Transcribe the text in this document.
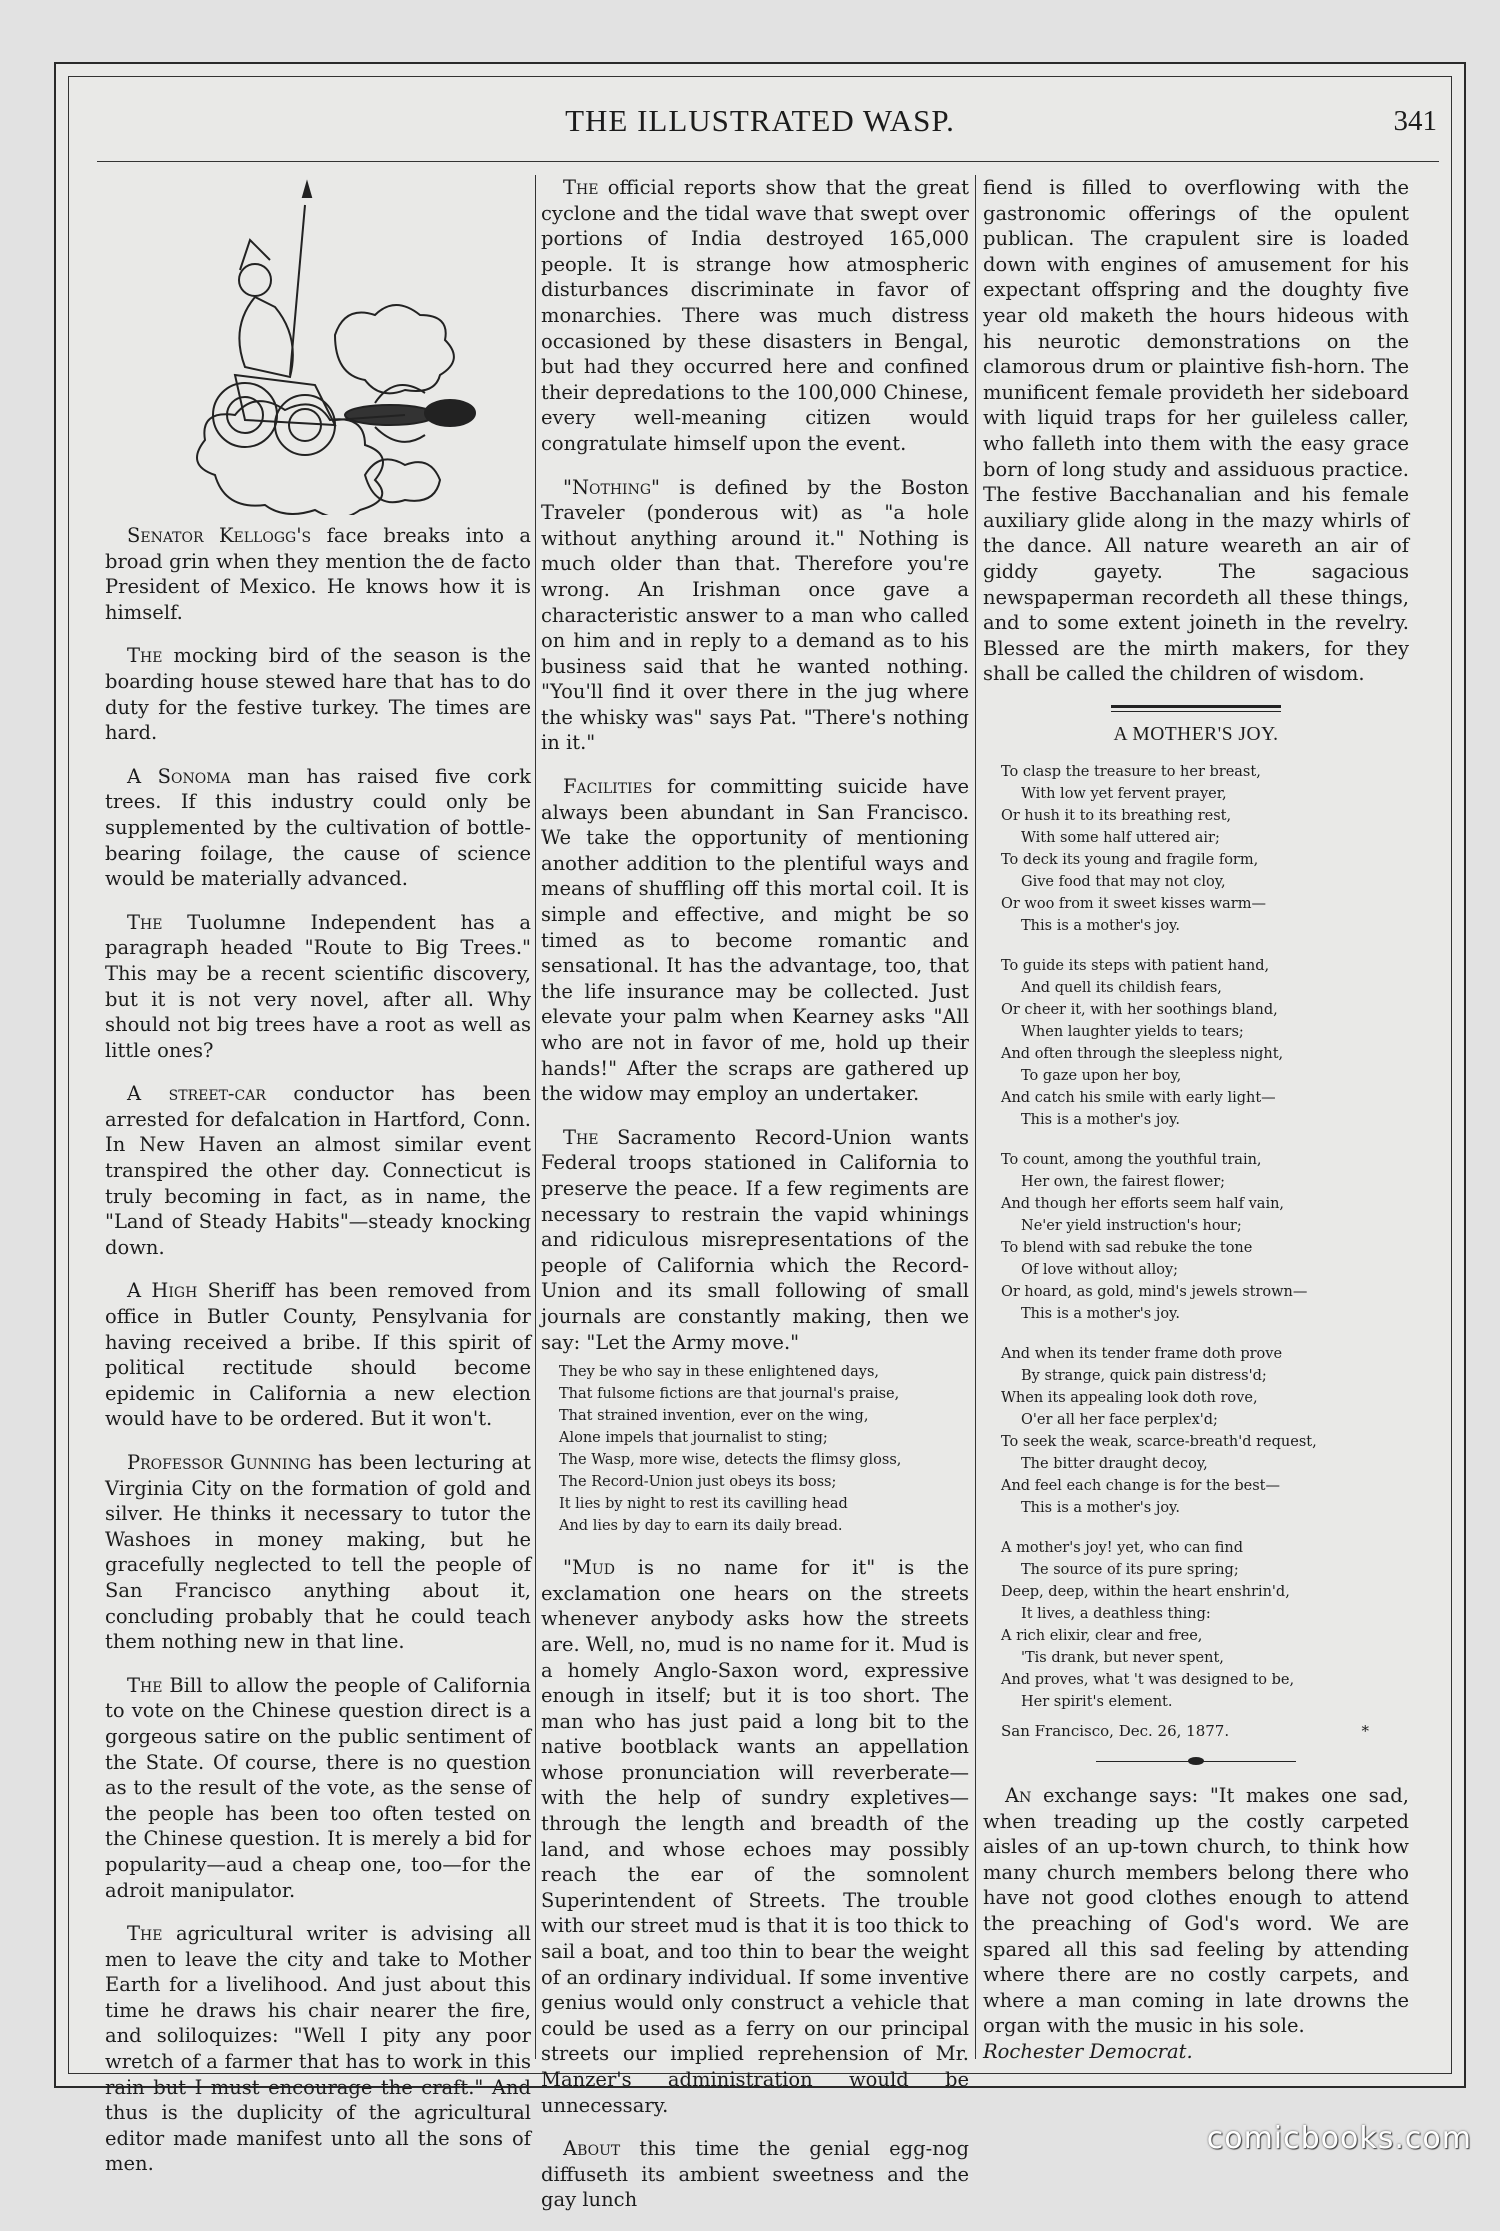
THE ILLUSTRATED WASP.	341

Senator Kellogg's face breaks into a broad grin when they mention the de facto President of Mexico. He knows how it is himself.

The mocking bird of the season is the boarding house stewed hare that has to do duty for the festive turkey. The times are hard.

A Sonoma man has raised five cork trees. If this industry could only be supplemented by the cultivation of bottle-bearing foilage, the cause of science would be materially advanced.

The Tuolumne Independent has a paragraph headed "Route to Big Trees." This may be a recent scientific discovery, but it is not very novel, after all. Why should not big trees have a root as well as little ones?

A street-car conductor has been arrested for defalcation in Hartford, Conn. In New Haven an almost similar event transpired the other day. Connecticut is truly becoming in fact, as in name, the "Land of Steady Habits"—steady knocking down.

A High Sheriff has been removed from office in Butler County, Pensylvania for having received a bribe. If this spirit of political rectitude should become epidemic in California a new election would have to be ordered. But it won't.

Professor Gunning has been lecturing at Virginia City on the formation of gold and silver. He thinks it necessary to tutor the Washoes in money making, but he gracefully neglected to tell the people of San Francisco anything about it, concluding probably that he could teach them nothing new in that line.

The Bill to allow the people of California to vote on the Chinese question direct is a gorgeous satire on the public sentiment of the State. Of course, there is no question as to the result of the vote, as the sense of the people has been too often tested on the Chinese question. It is merely a bid for popularity—aud a cheap one, too—for the adroit manipulator.

The agricultural writer is advising all men to leave the city and take to Mother Earth for a livelihood. And just about this time he draws his chair nearer the fire, and soliloquizes: "Well I pity any poor wretch of a farmer that has to work in this rain but I must encourage the craft." And thus is the duplicity of the agricultural editor made manifest unto all the sons of men.

The official reports show that the great cyclone and the tidal wave that swept over portions of India destroyed 165,000 people. It is strange how atmospheric disturbances discriminate in favor of monarchies. There was much distress occasioned by these disasters in Bengal, but had they occurred here and confined their depredations to the 100,000 Chinese, every well-meaning citizen would congratulate himself upon the event.

"Nothing" is defined by the Boston Traveler (ponderous wit) as "a hole without anything around it." Nothing is much older than that. Therefore you're wrong. An Irishman once gave a characteristic answer to a man who called on him and in reply to a demand as to his business said that he wanted nothing. "You'll find it over there in the jug where the whisky was" says Pat. "There's nothing in it."

Facilities for committing suicide have always been abundant in San Francisco. We take the opportunity of mentioning another addition to the plentiful ways and means of shuffling off this mortal coil. It is simple and effective, and might be so timed as to become romantic and sensational. It has the advantage, too, that the life insurance may be collected. Just elevate your palm when Kearney asks "All who are not in favor of me, hold up their hands!" After the scraps are gathered up the widow may employ an undertaker.

The Sacramento Record-Union wants Federal troops stationed in California to preserve the peace. If a few regiments are necessary to restrain the vapid whinings and ridiculous misrepresentations of the people of California which the Record-Union and its small following of small journals are constantly making, then we say: "Let the Army move."

They be who say in these enlightened days,
That fulsome fictions are that journal's praise,
That strained invention, ever on the wing,
Alone impels that journalist to sting;
The Wasp, more wise, detects the flimsy gloss,
The Record-Union just obeys its boss;
It lies by night to rest its cavilling head
And lies by day to earn its daily bread.

"Mud is no name for it" is the exclamation one hears on the streets whenever anybody asks how the streets are. Well, no, mud is no name for it. Mud is a homely Anglo-Saxon word, expressive enough in itself; but it is too short. The man who has just paid a long bit to the native bootblack wants an appellation whose pronunciation will reverberate—with the help of sundry expletives—through the length and breadth of the land, and whose echoes may possibly reach the ear of the somnolent Superintendent of Streets. The trouble with our street mud is that it is too thick to sail a boat, and too thin to bear the weight of an ordinary individual. If some inventive genius would only construct a vehicle that could be used as a ferry on our principal streets our implied reprehension of Mr. Manzer's administration would be unnecessary.

About this time the genial egg-nog diffuseth its ambient sweetness and the gay lunch

fiend is filled to overflowing with the gastronomic offerings of the opulent publican. The crapulent sire is loaded down with engines of amusement for his expectant offspring and the doughty five year old maketh the hours hideous with his neurotic demonstrations on the clamorous drum or plaintive fish-horn. The munificent female provideth her sideboard with liquid traps for her guileless caller, who falleth into them with the easy grace born of long study and assiduous practice. The festive Bacchanalian and his female auxiliary glide along in the mazy whirls of the dance. All nature weareth an air of giddy gayety. The sagacious newspaperman recordeth all these things, and to some extent joineth in the revelry. Blessed are the mirth makers, for they shall be called the children of wisdom.

A MOTHER'S JOY.
To clasp the treasure to her breast,
With low yet fervent prayer,
Or hush it to its breathing rest,
With some half uttered air;
To deck its young and fragile form,
Give food that may not cloy,
Or woo from it sweet kisses warm—
This is a mother's joy.
To guide its steps with patient hand,
And quell its childish fears,
Or cheer it, with her soothings bland,
When laughter yields to tears;
And often through the sleepless night,
To gaze upon her boy,
And catch his smile with early light—
This is a mother's joy.
To count, among the youthful train,
Her own, the fairest flower;
And though her efforts seem half vain,
Ne'er yield instruction's hour;
To blend with sad rebuke the tone
Of love without alloy;
Or hoard, as gold, mind's jewels strown—
This is a mother's joy.
And when its tender frame doth prove
By strange, quick pain distress'd;
When its appealing look doth rove,
O'er all her face perplex'd;
To seek the weak, scarce-breath'd request,
The bitter draught decoy,
And feel each change is for the best—
This is a mother's joy.
A mother's joy! yet, who can find
The source of its pure spring;
Deep, deep, within the heart enshrin'd,
It lives, a deathless thing:
A rich elixir, clear and free,
'Tis drank, but never spent,
And proves, what 't was designed to be,
Her spirit's element.
San Francisco, Dec. 26, 1877.	*

An exchange says: "It makes one sad, when treading up the costly carpeted aisles of an up-town church, to think how many church members belong there who have not good clothes enough to attend the preaching of God's word. We are spared all this sad feeling by attending where there are no costly carpets, and where a man coming in late drowns the organ with the music in his sole.
Rochester Democrat.

comicbooks.com
